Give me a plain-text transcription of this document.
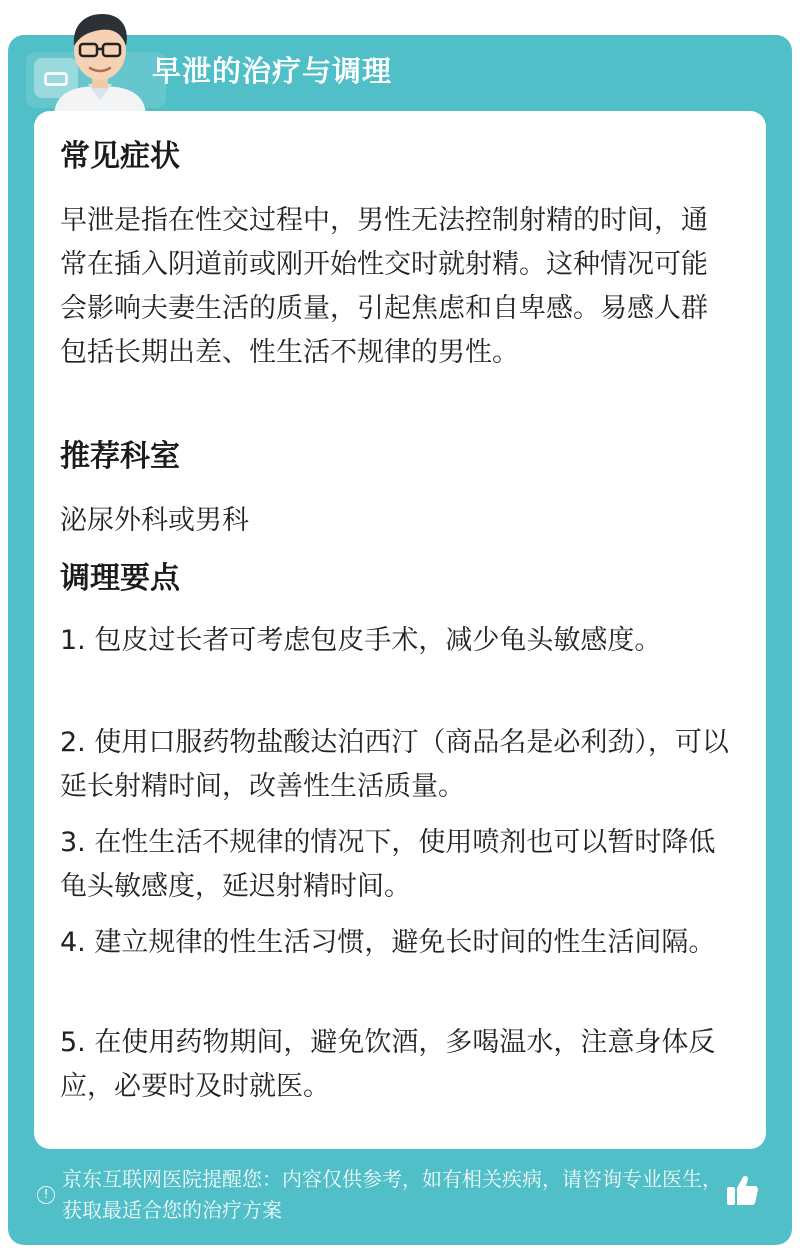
早泄的治疗与调理
常见症状
早泄是指在性交过程中，男性无法控制射精的时间，通常在插入阴道前或刚开始性交时就射精。这种情况可能会影响夫妻生活的质量，引起焦虑和自卑感。易感人群包括长期出差、性生活不规律的男性。
推荐科室
泌尿外科或男科
调理要点
1. 包皮过长者可考虑包皮手术，减少龟头敏感度。
2. 使用口服药物盐酸达泊西汀（商品名是必利劲），可以延长射精时间，改善性生活质量。
3. 在性生活不规律的情况下，使用喷剂也可以暂时降低龟头敏感度，延迟射精时间。
4. 建立规律的性生活习惯，避免长时间的性生活间隔。
5. 在使用药物期间，避免饮酒，多喝温水，注意身体反应，必要时及时就医。
!
京东互联网医院提醒您：内容仅供参考，如有相关疾病，请咨询专业医生，获取最适合您的治疗方案
